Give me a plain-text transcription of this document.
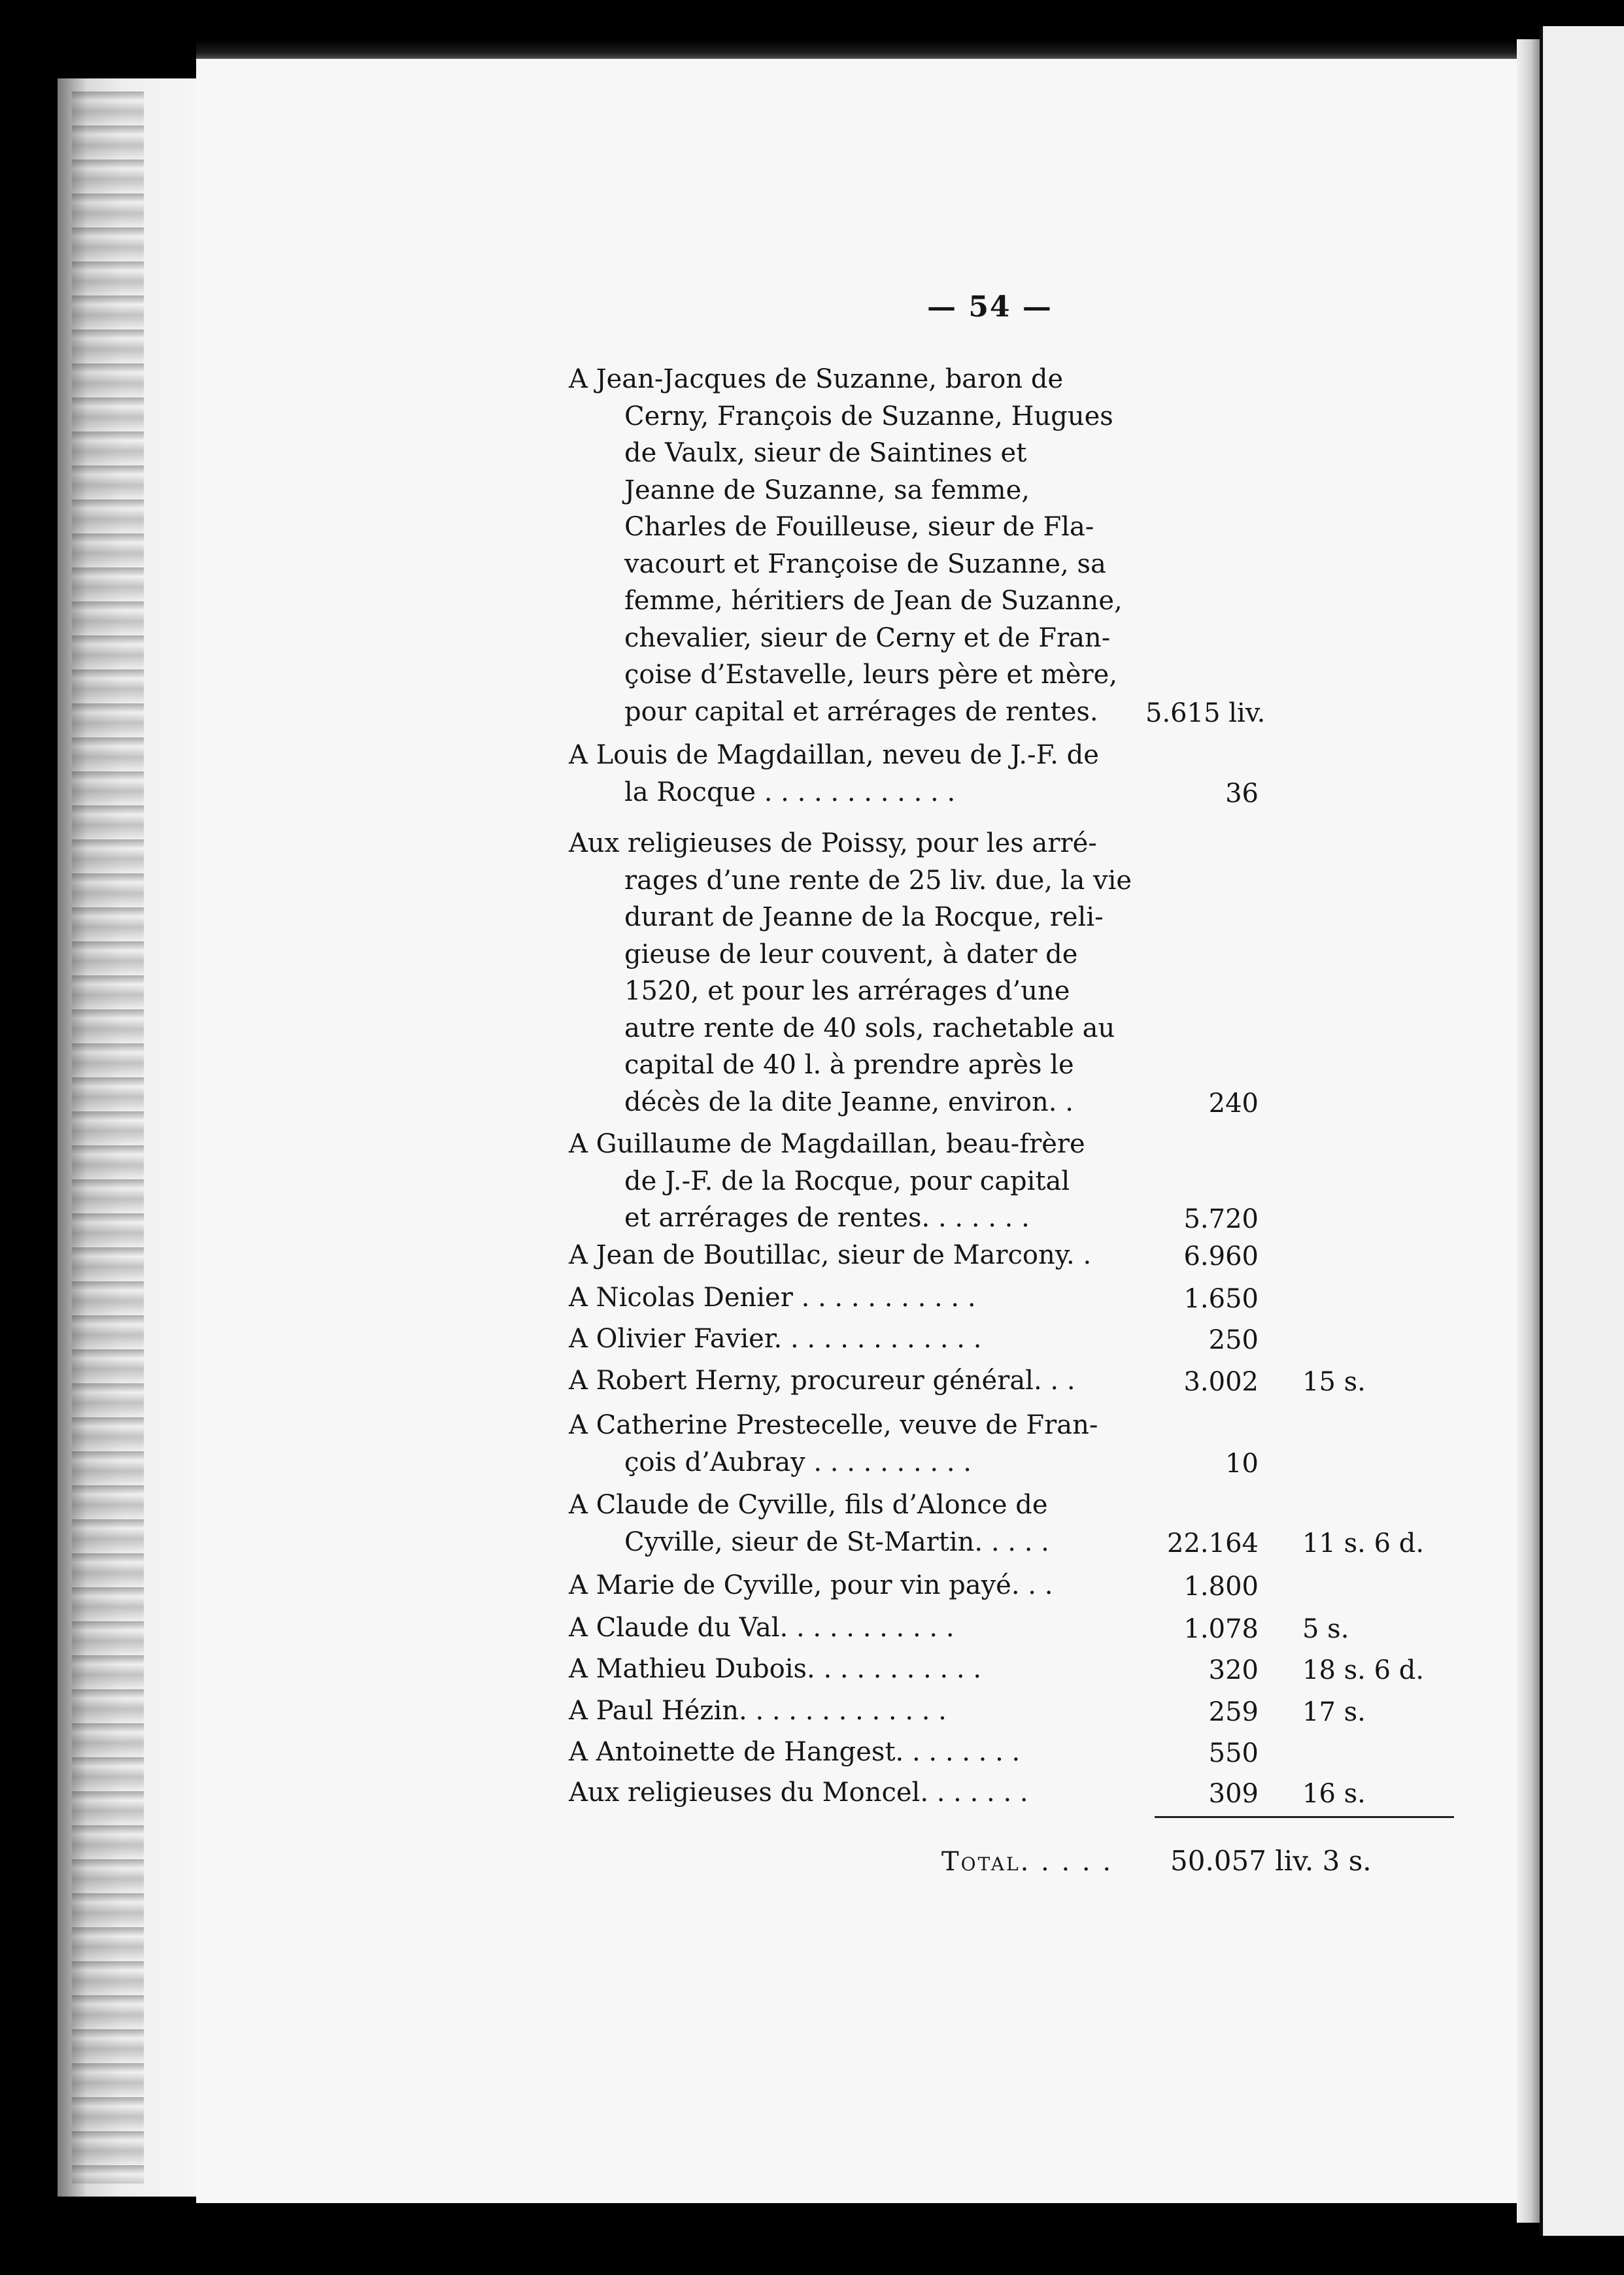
— 54 —
A Jean-Jacques de Suzanne, baron de
Cerny, François de Suzanne, Hugues
de Vaulx, sieur de Saintines et
Jeanne de Suzanne, sa femme,
Charles de Fouilleuse, sieur de Fla-
vacourt et Françoise de Suzanne, sa
femme, héritiers de Jean de Suzanne,
chevalier, sieur de Cerny et de Fran-
çoise d’Estavelle, leurs père et mère,
pour capital et arrérages de rentes. 5.615 liv.
A Louis de Magdaillan, neveu de J.-F. de
la Rocque . . . . . . . . . . . .	36
Aux religieuses de Poissy, pour les arré-
rages d’une rente de 25 liv. due, la vie
durant de Jeanne de la Rocque, reli-
gieuse de leur couvent, à dater de
1520, et pour les arrérages d’une
autre rente de 40 sols, rachetable au
capital de 40 l. à prendre après le
décès de la dite Jeanne, environ. .	240
A Guillaume de Magdaillan, beau-frère
de J.-F. de la Rocque, pour capital
et arrérages de rentes. . . . . . .	5.720
A Jean de Boutillac, sieur de Marcony. .	6.960
A Nicolas Denier . . . . . . . . . . .	1.650
A Olivier Favier. . . . . . . . . . . . .	250
A Robert Herny, procureur général. . .	3.002 15 s.
A Catherine Prestecelle, veuve de Fran-
çois d’Aubray . . . . . . . . . .	10
A Claude de Cyville, fils d’Alonce de
Cyville, sieur de St-Martin. . . . .	22.164 11 s. 6 d.
A Marie de Cyville, pour vin payé. . .	1.800
A Claude du Val. . . . . . . . . . .	1.078 5 s.
A Mathieu Dubois. . . . . . . . . . .	320 18 s. 6 d.
A Paul Hézin. . . . . . . . . . . . .	259 17 s.
A Antoinette de Hangest. . . . . . . .	550
Aux religieuses du Moncel. . . . . . .	309 16 s.
Total. . . . . 50.057 liv. 3 s.
